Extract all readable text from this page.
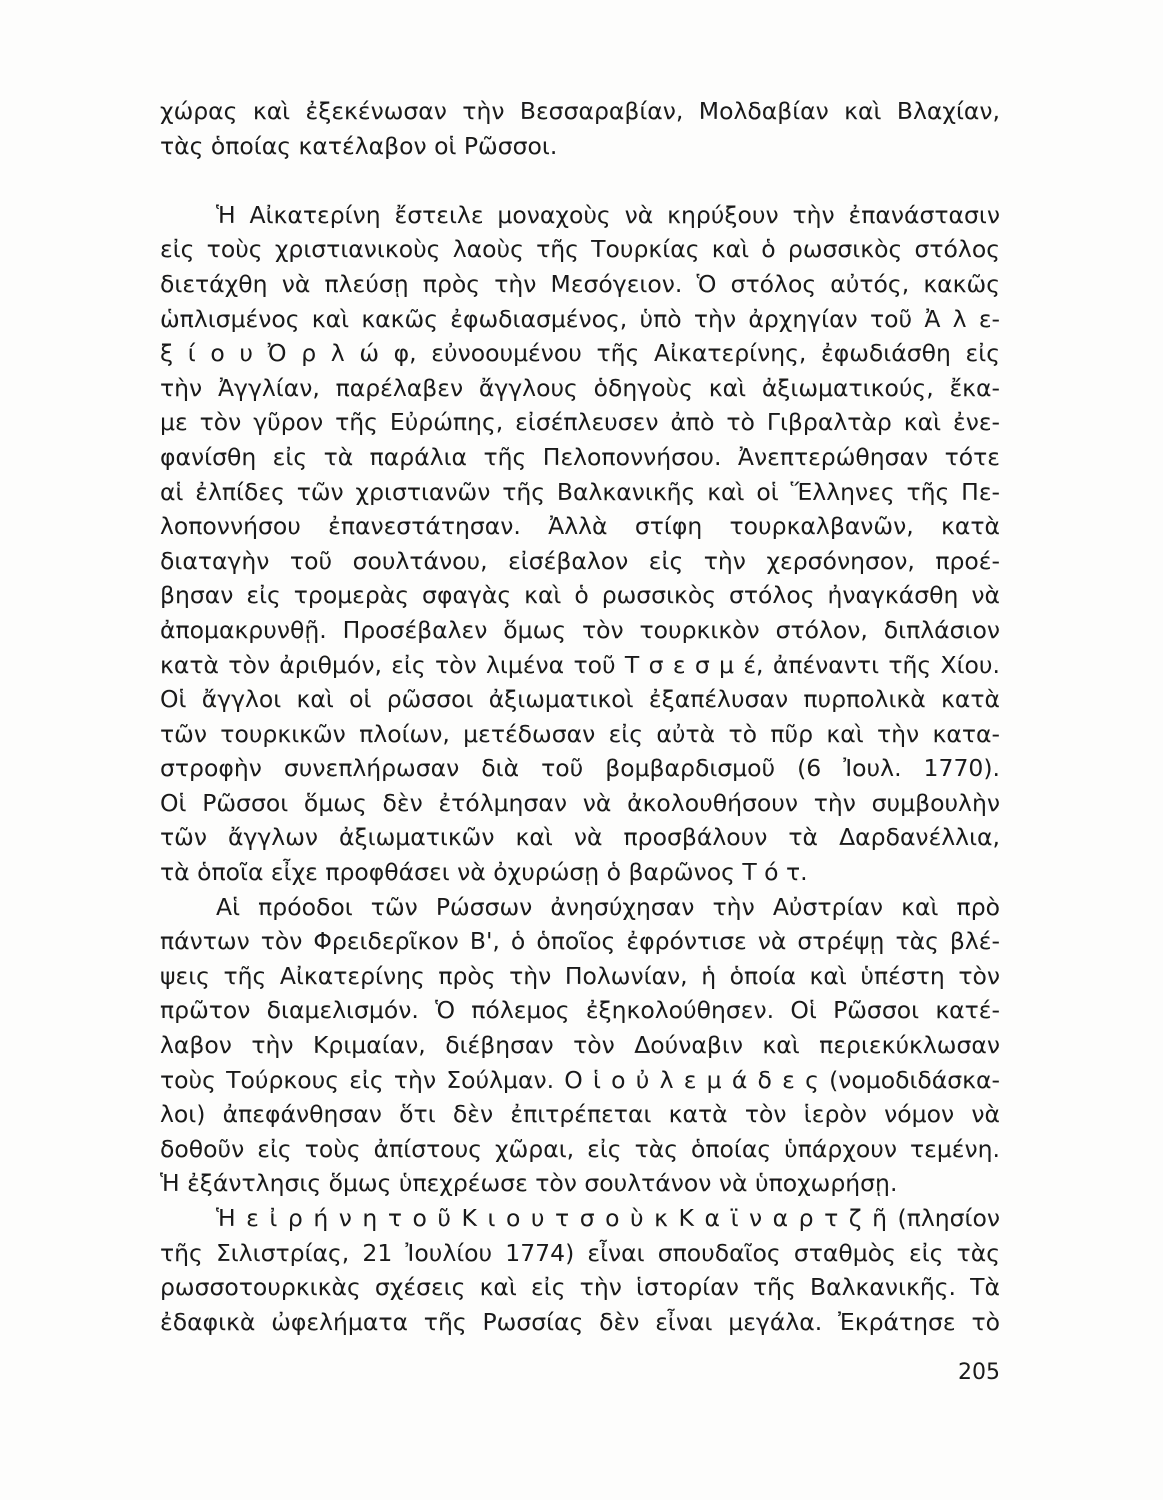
χώρας καὶ ἐξεκένωσαν τὴν Βεσσαραβίαν, Μολδαβίαν καὶ Βλαχίαν,
τὰς ὁποίας κατέλαβον οἱ Ρῶσσοι.
Ἡ Αἰκατερίνη ἔστειλε μοναχοὺς νὰ κηρύξουν τὴν ἐπανάστασιν
εἰς τοὺς χριστιανικοὺς λαοὺς τῆς Τουρκίας καὶ ὁ ρωσσικὸς στόλος
διετάχθη νὰ πλεύσῃ πρὸς τὴν Μεσόγειον. Ὁ στόλος αὐτός, κακῶς
ὡπλισμένος καὶ κακῶς ἐφωδιασμένος, ὑπὸ τὴν ἀρχηγίαν τοῦ Ἀ λ ε-
ξ ί ο υ Ὀ ρ λ ώ φ, εὐνοουμένου τῆς Αἰκατερίνης, ἐφωδιάσθη εἰς
τὴν Ἀγγλίαν, παρέλαβεν ἄγγλους ὁδηγοὺς καὶ ἀξιωματικούς, ἔκα-
με τὸν γῦρον τῆς Εὐρώπης, εἰσέπλευσεν ἀπὸ τὸ Γιβραλτὰρ καὶ ἐνε-
φανίσθη εἰς τὰ παράλια τῆς Πελοποννήσου. Ἀνεπτερώθησαν τότε
αἱ ἐλπίδες τῶν χριστιανῶν τῆς Βαλκανικῆς καὶ οἱ Ἕλληνες τῆς Πε-
λοποννήσου ἐπανεστάτησαν. Ἀλλὰ στίφη τουρκαλβανῶν, κατὰ
διαταγὴν τοῦ σουλτάνου, εἰσέβαλον εἰς τὴν χερσόνησον, προέ-
βησαν εἰς τρομερὰς σφαγὰς καὶ ὁ ρωσσικὸς στόλος ἠναγκάσθη νὰ
ἀπομακρυνθῇ. Προσέβαλεν ὅμως τὸν τουρκικὸν στόλον, διπλάσιον
κατὰ τὸν ἀριθμόν, εἰς τὸν λιμένα τοῦ Τ σ ε σ μ έ, ἀπέναντι τῆς Χίου.
Οἱ ἄγγλοι καὶ οἱ ρῶσσοι ἀξιωματικοὶ ἐξαπέλυσαν πυρπολικὰ κατὰ
τῶν τουρκικῶν πλοίων, μετέδωσαν εἰς αὐτὰ τὸ πῦρ καὶ τὴν κατα-
στροφὴν συνεπλήρωσαν διὰ τοῦ βομβαρδισμοῦ (6 Ἰουλ. 1770).
Οἱ Ρῶσσοι ὅμως δὲν ἐτόλμησαν νὰ ἀκολουθήσουν τὴν συμβουλὴν
τῶν ἄγγλων ἀξιωματικῶν καὶ νὰ προσβάλουν τὰ Δαρδανέλλια,
τὰ ὁποῖα εἶχε προφθάσει νὰ ὀχυρώσῃ ὁ βαρῶνος Τ ό τ.
Αἱ πρόοδοι τῶν Ρώσσων ἀνησύχησαν τὴν Αὐστρίαν καὶ πρὸ
πάντων τὸν Φρειδερῖκον Β', ὁ ὁποῖος ἐφρόντισε νὰ στρέψῃ τὰς βλέ-
ψεις τῆς Αἰκατερίνης πρὸς τὴν Πολωνίαν, ἡ ὁποία καὶ ὑπέστη τὸν
πρῶτον διαμελισμόν. Ὁ πόλεμος ἐξηκολούθησεν. Οἱ Ρῶσσοι κατέ-
λαβον τὴν Κριμαίαν, διέβησαν τὸν Δούναβιν καὶ περιεκύκλωσαν
τοὺς Τούρκους εἰς τὴν Σούλμαν. Ο ἱ ο ὐ λ ε μ ά δ ε ς (νομοδιδάσκα-
λοι) ἀπεφάνθησαν ὅτι δὲν ἐπιτρέπεται κατὰ τὸν ἱερὸν νόμον νὰ
δοθοῦν εἰς τοὺς ἀπίστους χῶραι, εἰς τὰς ὁποίας ὑπάρχουν τεμένη.
Ἡ ἐξάντλησις ὅμως ὑπεχρέωσε τὸν σουλτάνον νὰ ὑποχωρήσῃ.
Ἡ ε ἰ ρ ή ν η τ ο ῦ Κ ι ο υ τ σ ο ὺ κ Κ α ϊ ν α ρ τ ζ ῆ (πλησίον
τῆς Σιλιστρίας, 21 Ἰουλίου 1774) εἶναι σπουδαῖος σταθμὸς εἰς τὰς
ρωσσοτουρκικὰς σχέσεις καὶ εἰς τὴν ἱστορίαν τῆς Βαλκανικῆς. Τὰ
ἐδαφικὰ ὠφελήματα τῆς Ρωσσίας δὲν εἶναι μεγάλα. Ἐκράτησε τὸ
205
